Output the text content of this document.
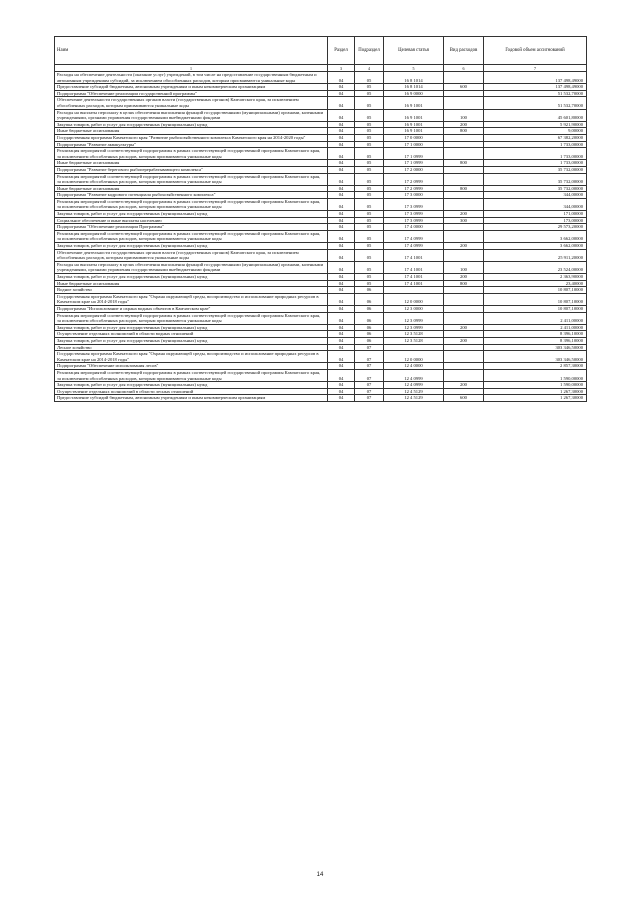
Наим	Раздел	Подраздел	Целевая статья	Вид расходов	Годовой объем ассигнований
1	3	4	5	6	7
Расходы на обеспечение деятельности (оказание услуг) учреждений, в том числе на предоставление государственным бюджетным и автономным учреждениям субсидий, за исключением обособленных расходов, которым присваиваются уникальные коды	04	05	16 8 1014		137 498,49000
Предоставление субсидий бюджетным, автономным учреждениям и иным некоммерческим организациям	04	05	16 8 1014	600	137 498,49000
Подпрограмма "Обеспечение реализации государственной программы"	04	05	16 9 0000		51 532,70000
Обеспечение деятельности государственных органов власти (государственных органов) Камчатского края, за исключением обособленных расходов, которым присваиваются уникальные коды	04	05	16 9 1001		51 532,70000
Расходы на выплаты персоналу в целях обеспечения выполнения функций государственными (муниципальными) органами, казенными учреждениями, органами управления государственными внебюджетными фондами	04	05	16 9 1001	100	45 601,80000
Закупка товаров, работ и услуг для государственных (муниципальных) нужд	04	05	16 9 1001	200	5 921,90000
Иные бюджетные ассигнования	04	05	16 9 1001	800	9,00000
Государственная программа Камчатского края "Развитие рыбохозяйственного комплекса Камчатского края на 2014-2020 годы"	04	05	17 0 0000		67 382,20000
Подпрограмма "Развитие аквакультуры"	04	05	17 1 0000		1 733,00000
Реализация мероприятий соответствующей подпрограммы в рамках соответствующей государственной программы Камчатского края, за исключением обособленных расходов, которым присваиваются уникальные коды	04	05	17 1 0999		1 733,00000
Иные бюджетные ассигнования	04	05	17 1 0999	800	1 733,00000
Подпрограмма "Развитие берегового рыбоперерабатывающего комплекса"	04	05	17 2 0000		35 732,00000
Реализация мероприятий соответствующей подпрограммы в рамках соответствующей государственной программы Камчатского края, за исключением обособленных расходов, которым присваиваются уникальные коды	04	05	17 2 0999		35 732,00000
Иные бюджетные ассигнования	04	05	17 2 0999	800	35 732,00000
Подпрограмма "Развитие кадрового потенциала рыбохозяйственного комплекса"	04	05	17 3 0000		344,00000
Реализация мероприятий соответствующей подпрограммы в рамках соответствующей государственной программы Камчатского края, за исключением обособленных расходов, которым присваиваются уникальные коды	04	05	17 3 0999		344,00000
Закупка товаров, работ и услуг для государственных (муниципальных) нужд	04	05	17 3 0999	200	171,00000
Социальное обеспечение и иные выплаты населению	04	05	17 3 0999	300	173,00000
Подпрограмма "Обеспечение реализации Программы"	04	05	17 4 0000		29 573,20000
Реализация мероприятий соответствующей подпрограммы в рамках соответствующей государственной программы Камчатского края, за исключением обособленных расходов, которым присваиваются уникальные коды	04	05	17 4 0999		3 662,00000
Закупка товаров, работ и услуг для государственных (муниципальных) нужд	04	05	17 4 0999	200	3 662,00000
Обеспечение деятельности государственных органов власти (государственных органов) Камчатского края, за исключением обособленных расходов, которым присваиваются уникальные коды	04	05	17 4 1001		25 911,20000
Расходы на выплаты персоналу в целях обеспечения выполнения функций государственными (муниципальными) органами, казенными учреждениями, органами управления государственными внебюджетными фондами	04	05	17 4 1001	100	23 524,00000
Закупка товаров, работ и услуг для государственных (муниципальных) нужд	04	05	17 4 1001	200	2 363,90000
Иные бюджетные ассигнования	04	05	17 4 1001	800	23,40000
Водное хозяйство	04	06			10 807,10000
Государственная программа Камчатского края "Охрана окружающей среды, воспроизводство и использование природных ресурсов в Камчатском крае на 2014-2018 годы"	04	06	12 0 0000		10 807,10000
Подпрограмма "Использование и охрана водных объектов в Камчатском крае"	04	06	12 3 0000		10 807,10000
Реализация мероприятий соответствующей подпрограммы в рамках соответствующей государственной программы Камчатского края, за исключением обособленных расходов, которым присваиваются уникальные коды	04	06	12 3 0999		2 411,00000
Закупка товаров, работ и услуг для государственных (муниципальных) нужд	04	06	12 3 0999	200	2 411,00000
Осуществление отдельных полномочий в области водных отношений	04	06	12 3 5128		8 396,10000
Закупка товаров, работ и услуг для государственных (муниципальных) нужд	04	06	12 3 5128	200	8 396,10000
Лесное хозяйство	04	07			303 346,50000
Государственная программа Камчатского края "Охрана окружающей среды, воспроизводство и использование природных ресурсов в Камчатском крае на 2014-2018 годы"	04	07	12 0 0000		303 346,50000
Подпрограмма "Обеспечение использования лесов"	04	07	12 4 0000		2 857,30000
Реализация мероприятий соответствующей подпрограммы в рамках соответствующей государственной программы Камчатского края, за исключением обособленных расходов, которым присваиваются уникальные коды	04	07	12 4 0999		1 590,00000
Закупка товаров, работ и услуг для государственных (муниципальных) нужд	04	07	12 4 0999	200	1 590,00000
Осуществление отдельных полномочий в области лесных отношений	04	07	12 4 5129		1 267,30000
Предоставление субсидий бюджетным, автономным учреждениям и иным некоммерческим организациям	04	07	12 4 5129	600	1 267,30000
14
